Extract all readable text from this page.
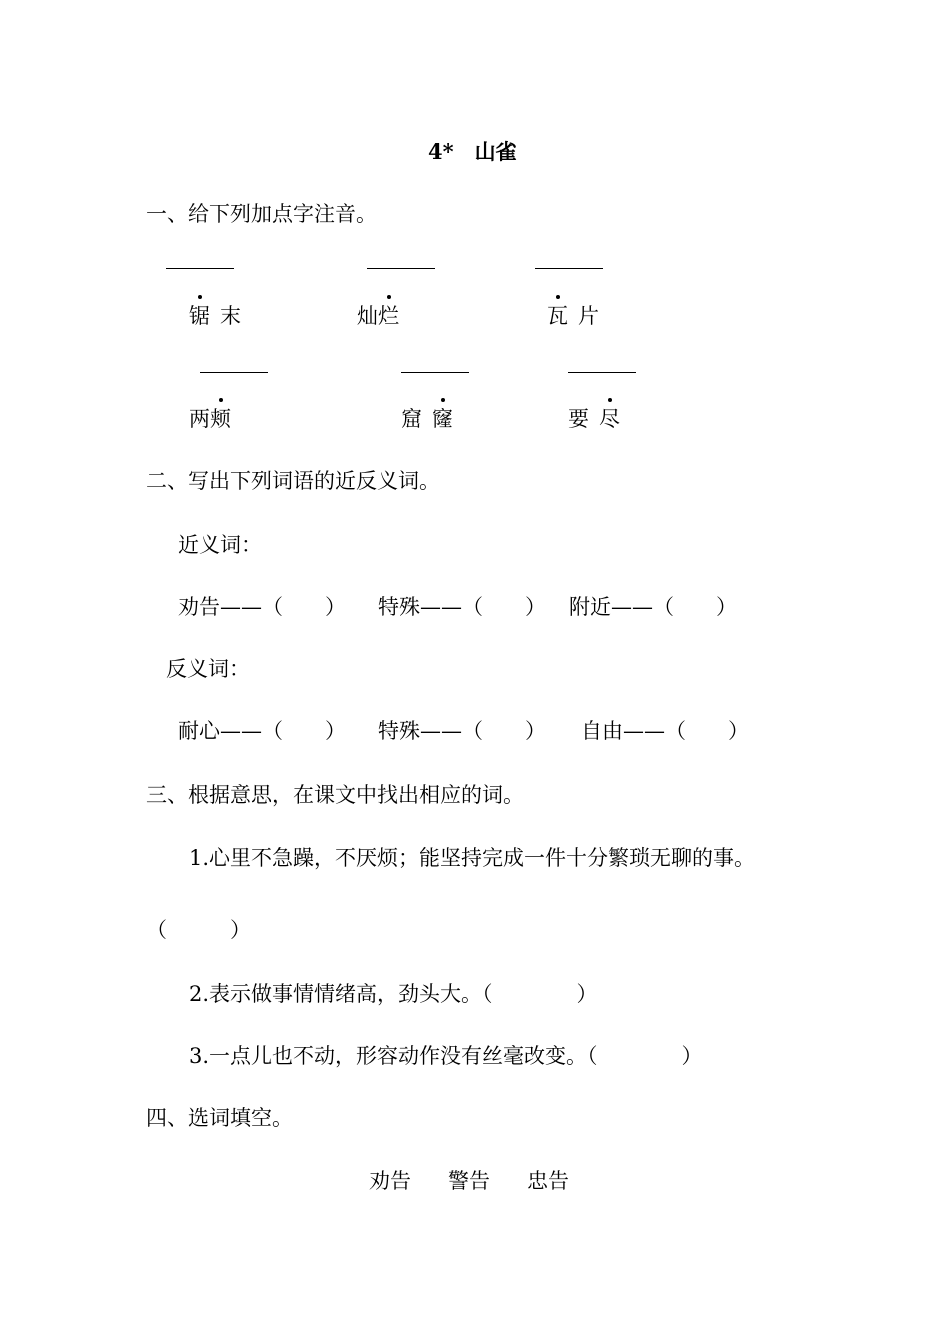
4*　山雀
一、给下列加点字注音。
锯 末	灿烂	瓦 片
两颊	窟 窿	要 尽
二、写出下列词语的近反义词。
近义词：
劝告——（　　） 特殊——（　　） 附近——（　　）
反义词：
耐心——（　　） 特殊——（　　） 自由——（　　）
三、根据意思，在课文中找出相应的词。
1.心里不急躁，不厌烦；能坚持完成一件十分繁琐无聊的事。
（　　　）
2.表示做事情情绪高，劲头大。（　　　　）
3.一点儿也不动，形容动作没有丝毫改变。（　　　　）
四、选词填空。
劝告 警告 忠告
